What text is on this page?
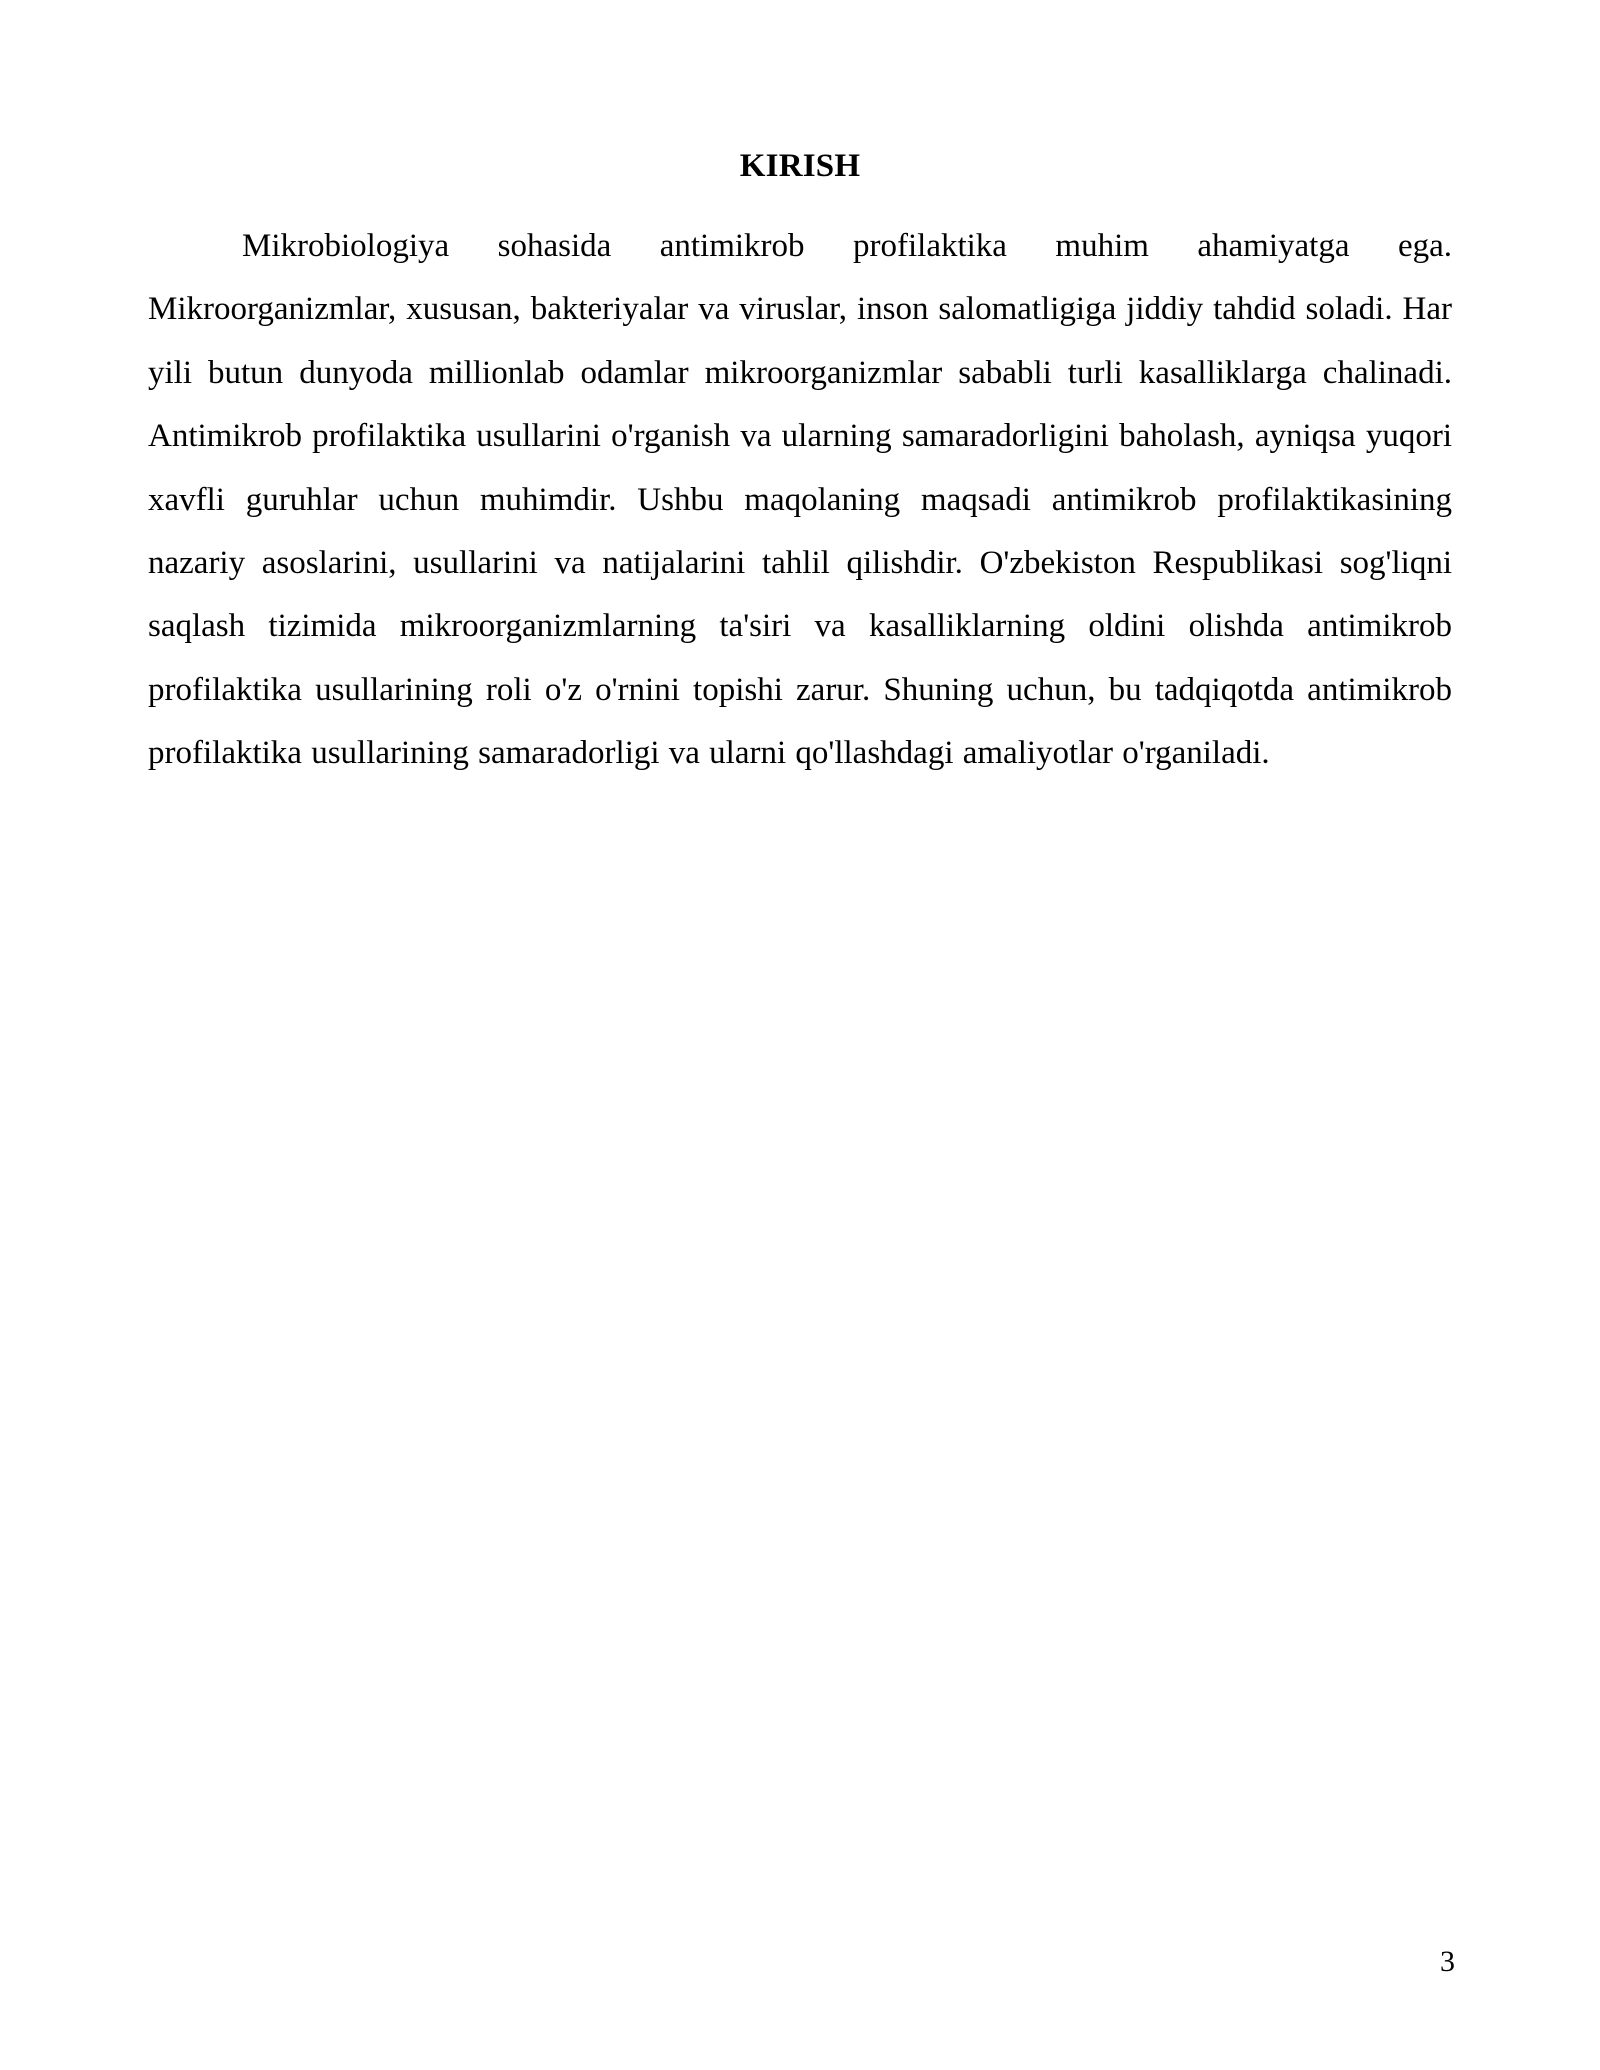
KIRISH

Mikrobiologiya sohasida antimikrob profilaktika muhim ahamiyatga ega. Mikroorganizmlar, xususan, bakteriyalar va viruslar, inson salomatligiga jiddiy tahdid soladi. Har yili butun dunyoda millionlab odamlar mikroorganizmlar sababli turli kasalliklarga chalinadi. Antimikrob profilaktika usullarini o'rganish va ularning samaradorligini baholash, ayniqsa yuqori xavfli guruhlar uchun muhimdir. Ushbu maqolaning maqsadi antimikrob profilaktikasining nazariy asoslarini, usullarini va natijalarini tahlil qilishdir. O'zbekiston Respublikasi sog'liqni saqlash tizimida mikroorganizmlarning ta'siri va kasalliklarning oldini olishda antimikrob profilaktika usullarining roli o'z o'rnini topishi zarur. Shuning uchun, bu tadqiqotda antimikrob profilaktika usullarining samaradorligi va ularni qo'llashdagi amaliyotlar o'rganiladi.

3
